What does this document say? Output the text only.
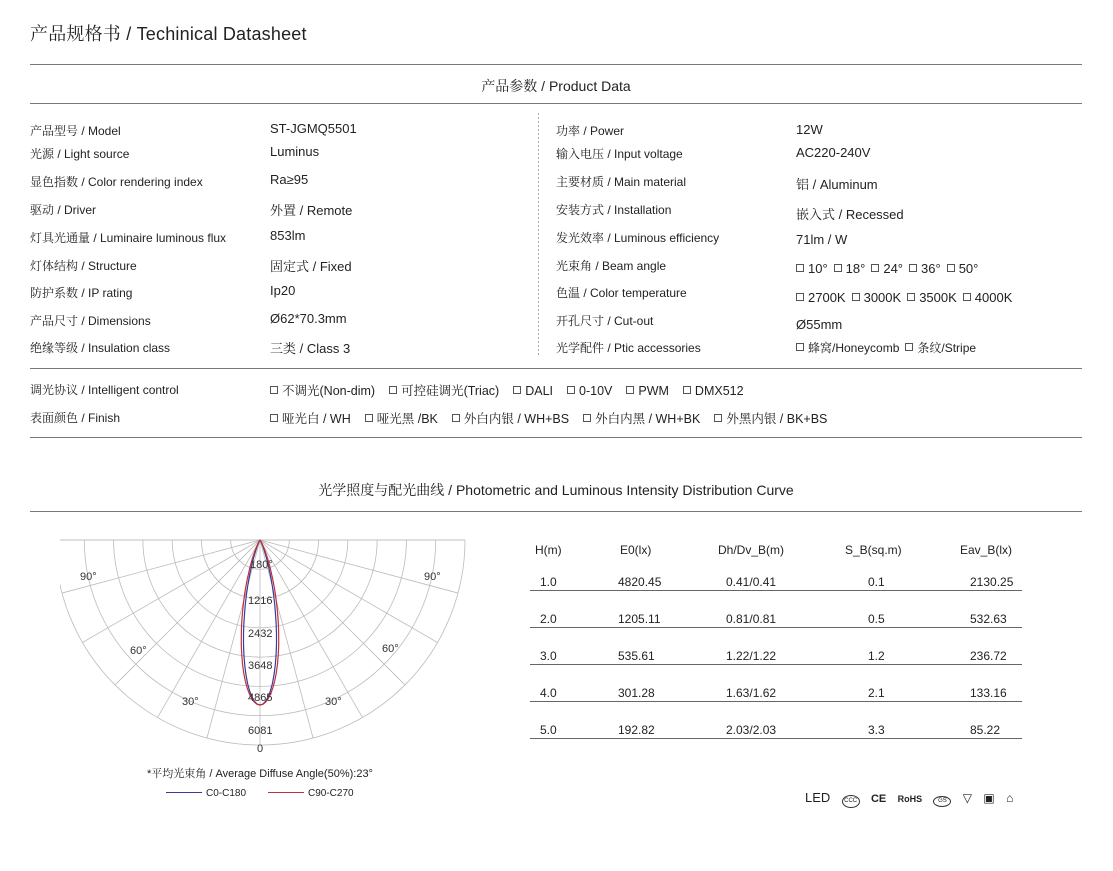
产品规格书 / Techinical Datasheet
产品参数 / Product Data
产品型号 / Model	ST-JGMQ5501
光源 / Light source	Luminus
显色指数 / Color rendering index	Ra≥95
驱动 / Driver	外置 / Remote
灯具光通量 / Luminaire luminous flux	853lm
灯体结构 / Structure	固定式 / Fixed
防护系数 / IP rating	Ip20
产品尺寸 / Dimensions	Ø62*70.3mm
绝缘等级 / Insulation class	三类 / Class 3
功率 / Power	12W
输入电压 / Input voltage	AC220-240V
主要材质 / Main material	铝 / Aluminum
安装方式 / Installation	嵌入式 / Recessed
发光效率 / Luminous efficiency	71lm / W
光束角 / Beam angle	10° 18° 24° 36° 50°
色温 / Color temperature	2700K 3000K 3500K 4000K
开孔尺寸 / Cut-out	Ø55mm
光学配件 / Ptic accessories	蜂窝/Honeycomb 条纹/Stripe
调光协议 / Intelligent control	不调光(Non-dim) 可控硅调光(Triac) DALI 0-10V PWM DMX512
表面颜色 / Finish	哑光白 / WH 哑光黑 /BK 外白内银 / WH+BS 外白内黑 / WH+BK 外黑内银 / BK+BS
光学照度与配光曲线 / Photometric and Luminous Intensity Distribution Curve
180°
90°	90°
60°	60°
30°	30°
0
1216
2432
3648
4865
6081
*平均光束角 / Average Diffuse Angle(50%):23°
C0-C180	C90-C270
H(m)	E0(lx)	Dh/Dv_B(m)	S_B(sq.m)	Eav_B(lx)
1.0	4820.45	0.41/0.41	0.1	2130.25
2.0	1205.11	0.81/0.81	0.5	532.63
3.0	535.61	1.22/1.22	1.2	236.72
4.0	301.28	1.63/1.62	2.1	133.16
5.0	192.82	2.03/2.03	3.3	85.22
LED CCC CE RoHS	GS ▽ ▣ ⌂
